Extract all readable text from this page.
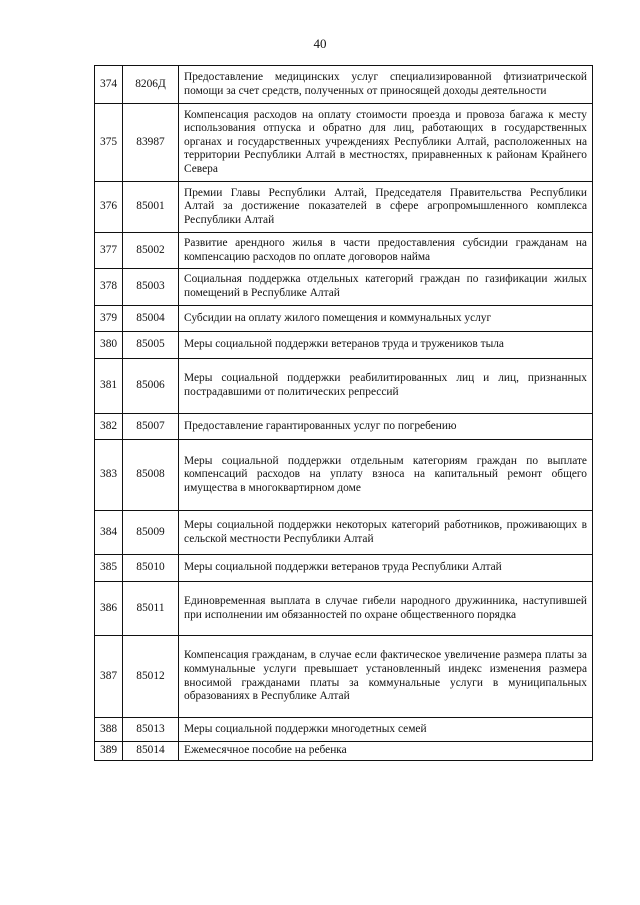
40
374	8206Д	Предоставление медицинских услуг специализированной фтизиатрической помощи за счет средств, полученных от приносящей доходы деятельности
375	83987	Компенсация расходов на оплату стоимости проезда и провоза багажа к месту использования отпуска и обратно для лиц, работающих в государственных органах и государственных учреждениях Республики Алтай, расположенных на территории Республики Алтай в местностях, приравненных к районам Крайнего Севера
376	85001	Премии Главы Республики Алтай, Председателя Правительства Республики Алтай за достижение показателей в сфере агропромышленного комплекса Республики Алтай
377	85002	Развитие арендного жилья в части предоставления субсидии гражданам на компенсацию расходов по оплате договоров найма
378	85003	Социальная поддержка отдельных категорий граждан по газификации жилых помещений в Республике Алтай
379	85004	Субсидии на оплату жилого помещения и коммунальных услуг
380	85005	Меры социальной поддержки ветеранов труда и тружеников тыла
381	85006	Меры социальной поддержки реабилитированных лиц и лиц, признанных пострадавшими от политических репрессий
382	85007	Предоставление гарантированных услуг по погребению
383	85008	Меры социальной поддержки отдельным категориям граждан по выплате компенсаций расходов на уплату взноса на капитальный ремонт общего имущества в многоквартирном доме
384	85009	Меры социальной поддержки некоторых категорий работников, проживающих в сельской местности Республики Алтай
385	85010	Меры социальной поддержки ветеранов труда Республики Алтай
386	85011	Единовременная выплата в случае гибели народного дружинника, наступившей при исполнении им обязанностей по охране общественного порядка
387	85012	Компенсация гражданам, в случае если фактическое увеличение размера платы за коммунальные услуги превышает установленный индекс изменения размера вносимой гражданами платы за коммунальные услуги в муниципальных образованиях в Республике Алтай
388	85013	Меры социальной поддержки многодетных семей
389	85014	Ежемесячное пособие на ребенка
